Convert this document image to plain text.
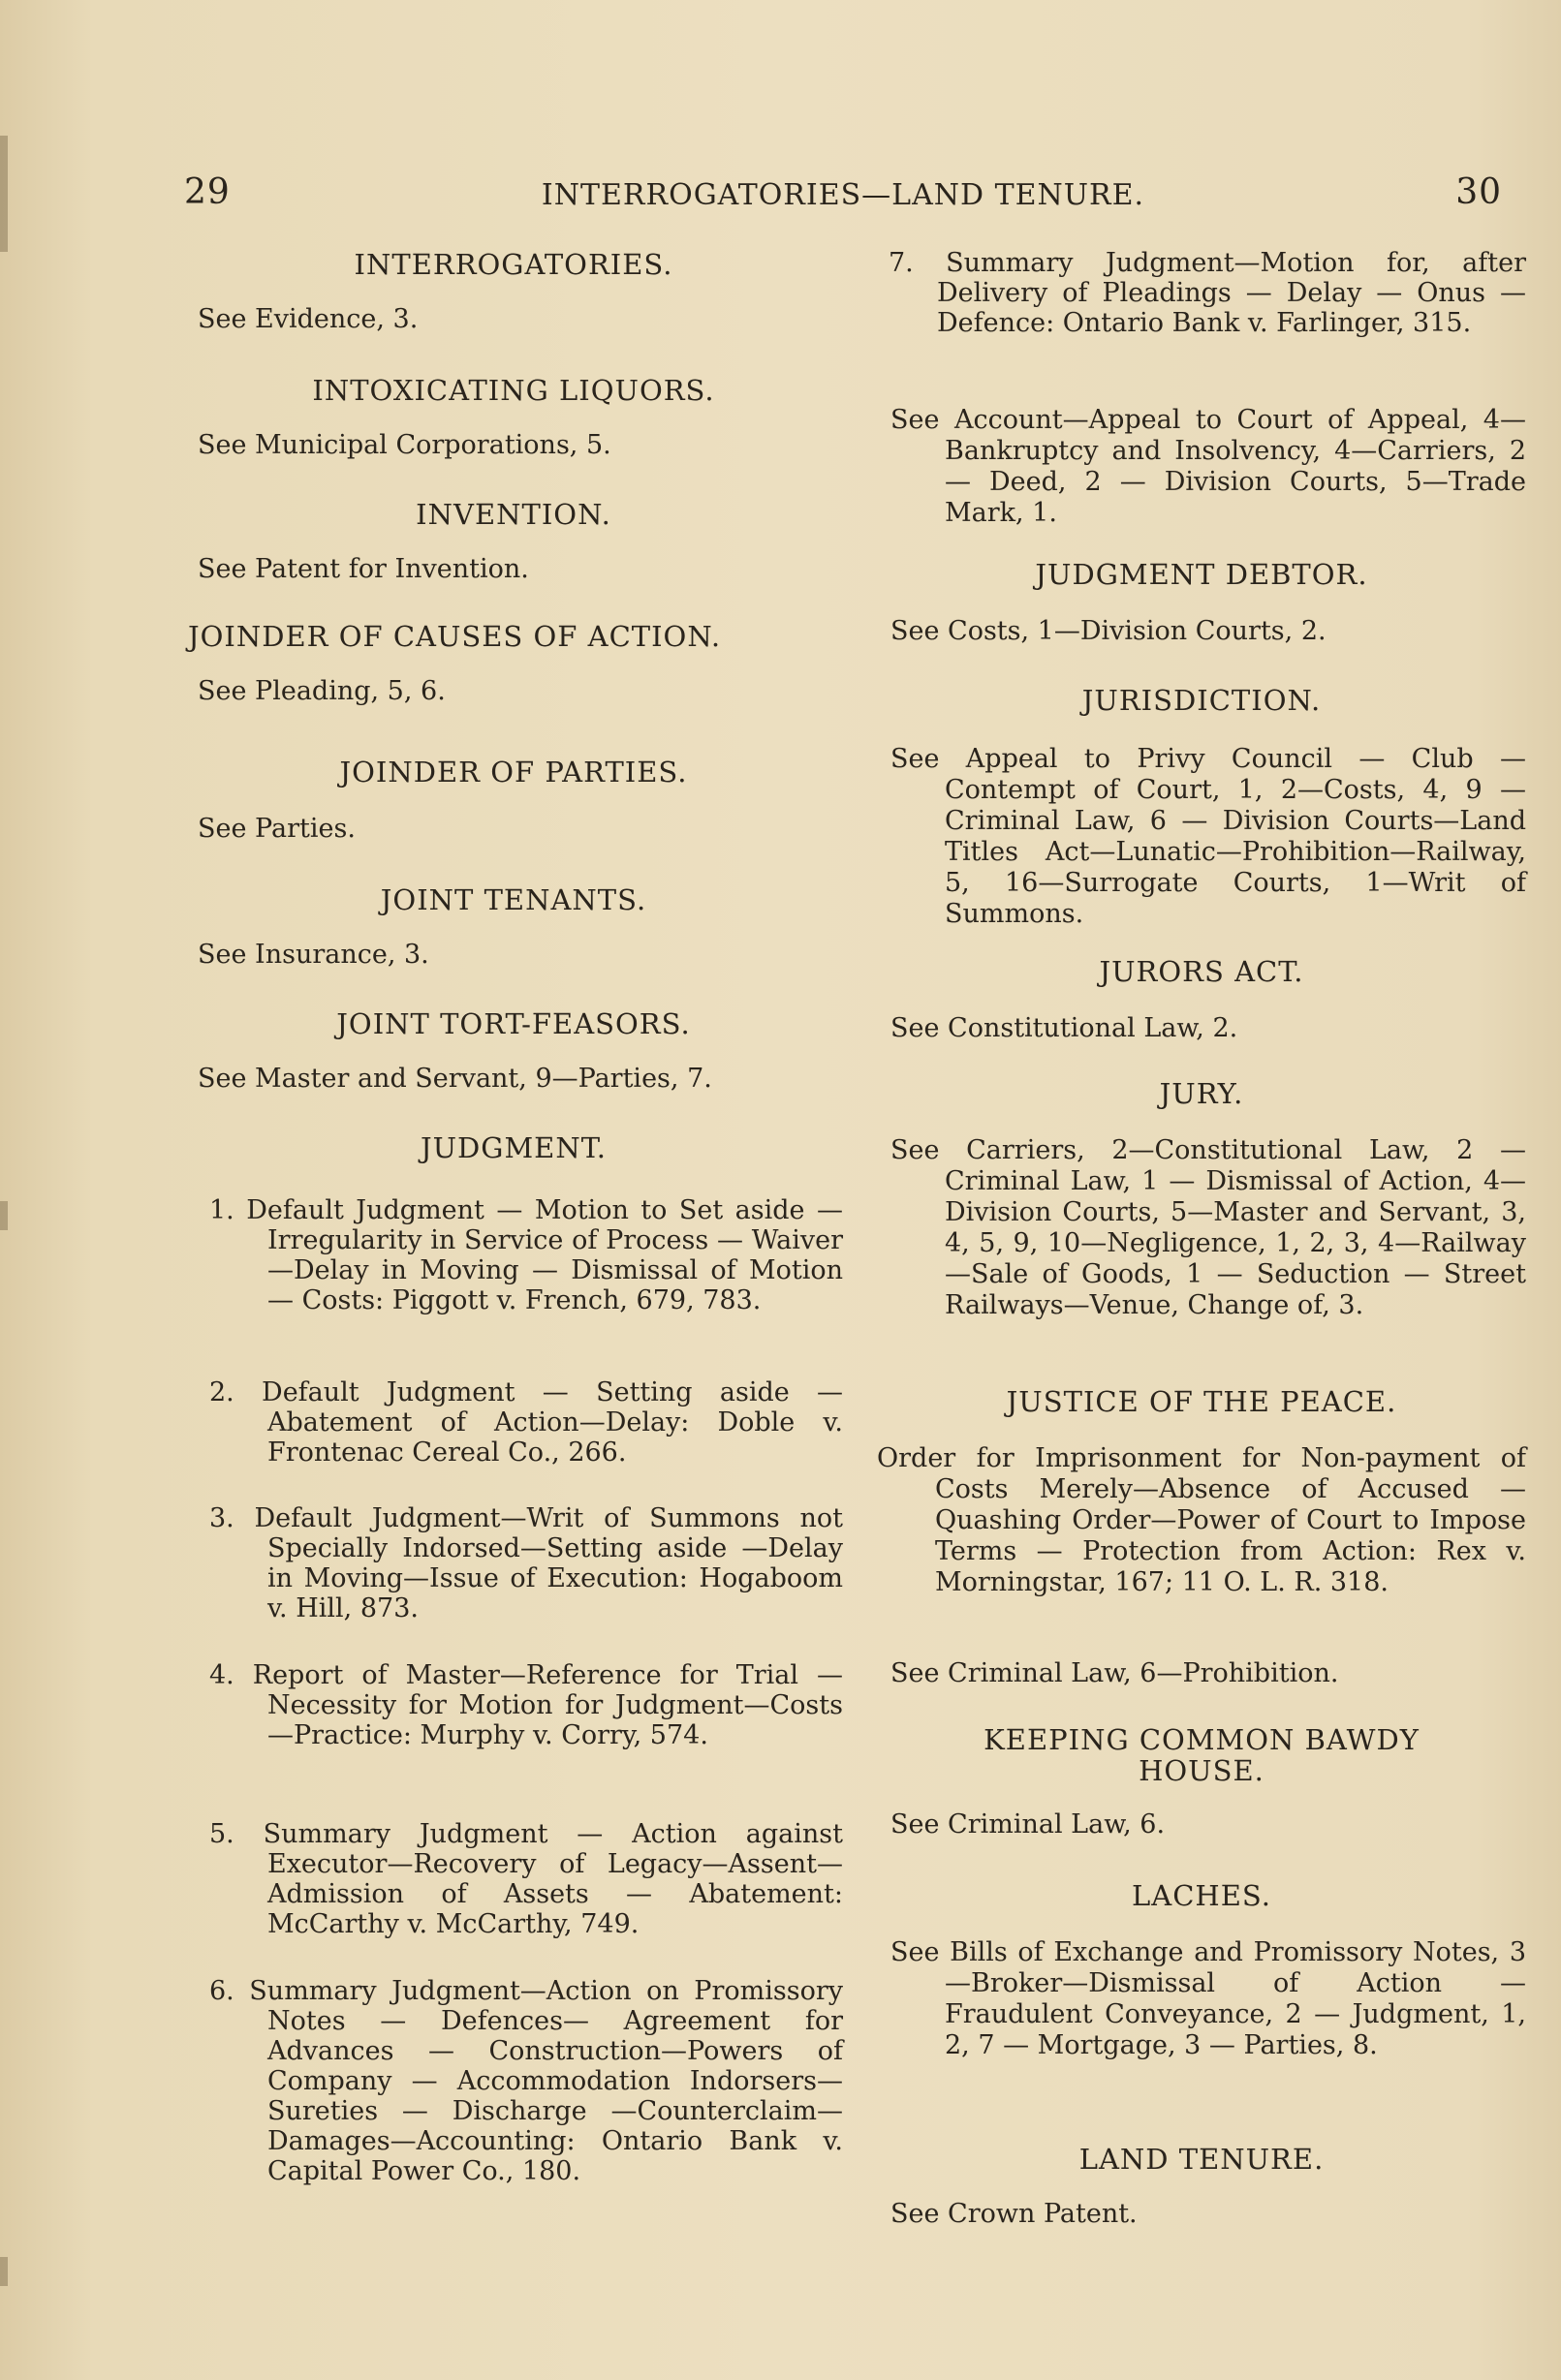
29	INTERROGATORIES—LAND TENURE.	30

INTERROGATORIES.

See Evidence, 3.

INTOXICATING LIQUORS.

See Municipal Corporations, 5.

INVENTION.

See Patent for Invention.

JOINDER OF CAUSES OF ACTION.

See Pleading, 5, 6.

JOINDER OF PARTIES.

See Parties.

JOINT TENANTS.

See Insurance, 3.

JOINT TORT-FEASORS.

See Master and Servant, 9—Parties, 7.

JUDGMENT.

1. Default Judgment — Motion to Set aside — Irregularity in Service of Process — Waiver—Delay in Moving — Dismissal of Motion — Costs: Piggott v. French, 679, 783.

2. Default Judgment — Setting aside — Abatement of Action—Delay: Doble v. Frontenac Cereal Co., 266.

3. Default Judgment—Writ of Summons not Specially Indorsed—Setting aside —Delay in Moving—Issue of Execution: Hogaboom v. Hill, 873.

4. Report of Master—Reference for Trial — Necessity for Motion for Judgment—Costs—Practice: Murphy v. Corry, 574.

5. Summary Judgment — Action against Executor—Recovery of Legacy—Assent—Admission of Assets — Abatement: McCarthy v. McCarthy, 749.

6. Summary Judgment—Action on Promissory Notes — Defences— Agreement for Advances — Construction—Powers of Company — Accommodation Indorsers—Sureties — Discharge —Counterclaim—Damages—Accounting: Ontario Bank v. Capital Power Co., 180.

7. Summary Judgment—Motion for, after Delivery of Pleadings — Delay — Onus — Defence: Ontario Bank v. Farlinger, 315.

See Account—Appeal to Court of Appeal, 4—Bankruptcy and Insolvency, 4—Carriers, 2 — Deed, 2 — Division Courts, 5—Trade Mark, 1.

JUDGMENT DEBTOR.

See Costs, 1—Division Courts, 2.

JURISDICTION.

See Appeal to Privy Council — Club — Contempt of Court, 1, 2—Costs, 4, 9 — Criminal Law, 6 — Division Courts—Land Titles Act—Lunatic—Prohibition—Railway, 5, 16—Surrogate Courts, 1—Writ of Summons.

JURORS ACT.

See Constitutional Law, 2.

JURY.

See Carriers, 2—Constitutional Law, 2 — Criminal Law, 1 — Dismissal of Action, 4—Division Courts, 5—Master and Servant, 3, 4, 5, 9, 10—Negligence, 1, 2, 3, 4—Railway—Sale of Goods, 1 — Seduction — Street Railways—Venue, Change of, 3.

JUSTICE OF THE PEACE.

Order for Imprisonment for Non-payment of Costs Merely—Absence of Accused —Quashing Order—Power of Court to Impose Terms — Protection from Action: Rex v. Morningstar, 167; 11 O. L. R. 318.

See Criminal Law, 6—Prohibition.

KEEPING COMMON BAWDY HOUSE.

See Criminal Law, 6.

LACHES.

See Bills of Exchange and Promissory Notes, 3—Broker—Dismissal of Action — Fraudulent Conveyance, 2 — Judgment, 1, 2, 7 — Mortgage, 3 — Parties, 8.

LAND TENURE.

See Crown Patent.
